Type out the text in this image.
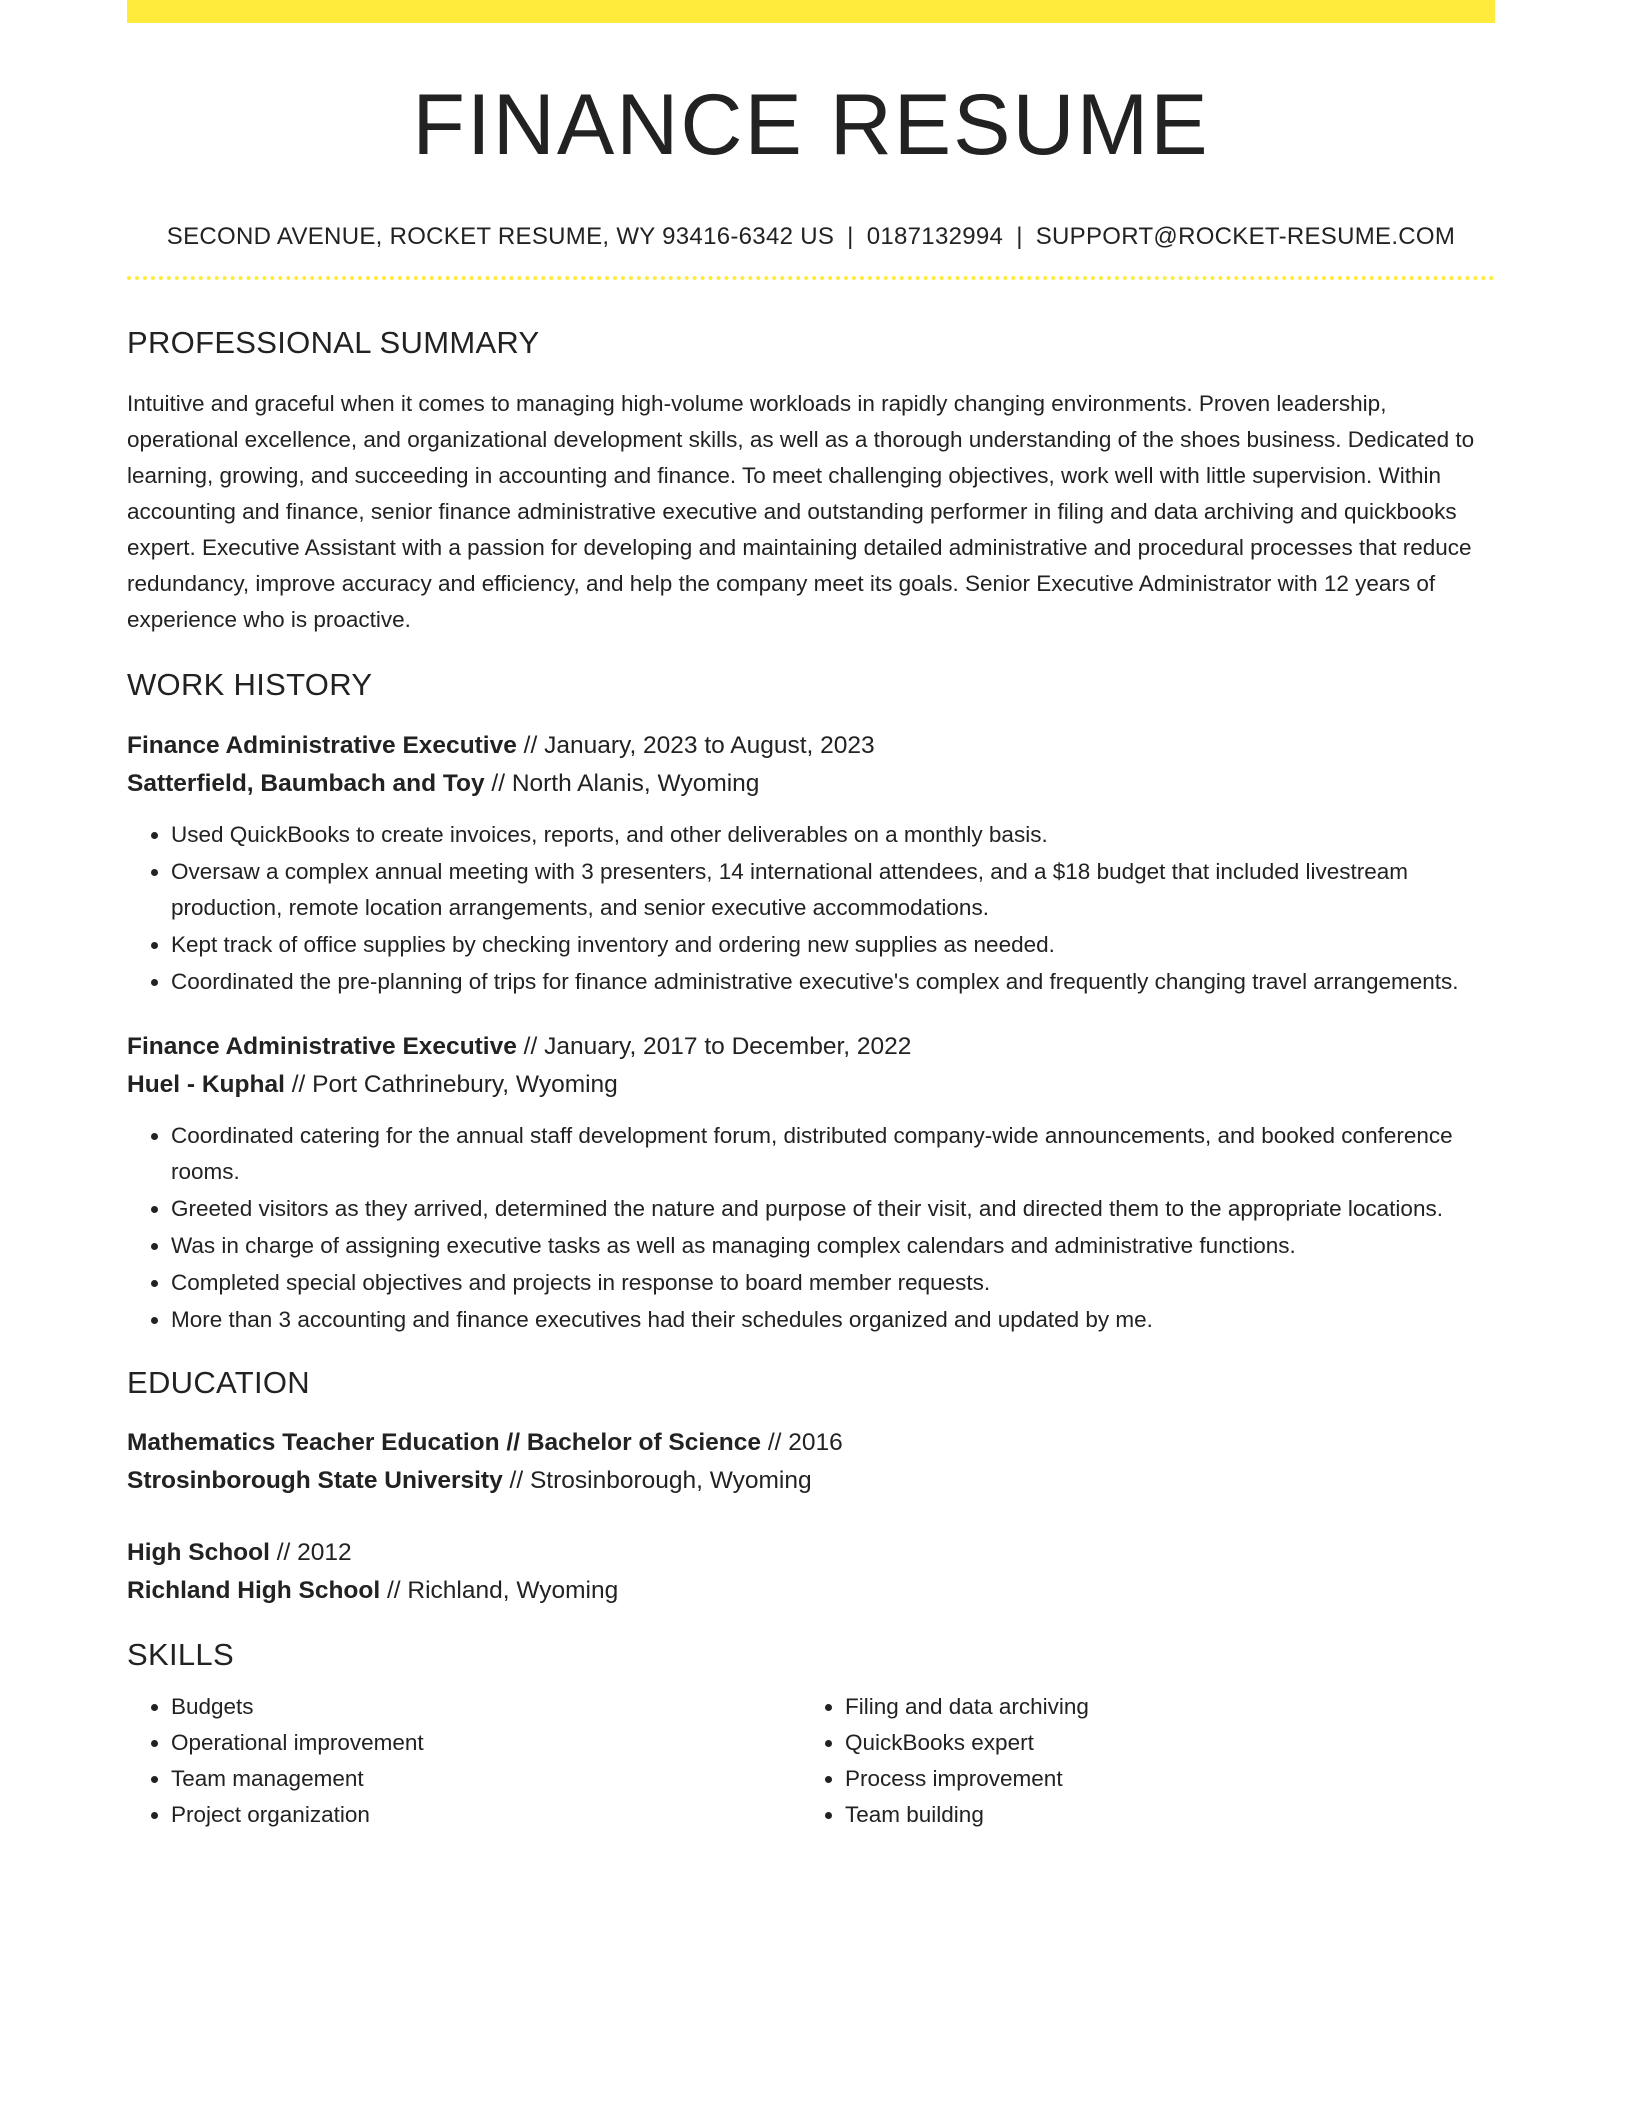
FINANCE RESUME
SECOND AVENUE, ROCKET RESUME, WY 93416-6342 US | 0187132994 | SUPPORT@ROCKET-RESUME.COM
PROFESSIONAL SUMMARY

Intuitive and graceful when it comes to managing high-volume workloads in rapidly changing environments. Proven leadership, operational excellence, and organizational development skills, as well as a thorough understanding of the shoes business. Dedicated to learning, growing, and succeeding in accounting and finance. To meet challenging objectives, work well with little supervision. Within accounting and finance, senior finance administrative executive and outstanding performer in filing and data archiving and quickbooks expert. Executive Assistant with a passion for developing and maintaining detailed administrative and procedural processes that reduce redundancy, improve accuracy and efficiency, and help the company meet its goals. Senior Executive Administrator with 12 years of experience who is proactive.

WORK HISTORY
Finance Administrative Executive // January, 2023 to August, 2023
Satterfield, Baumbach and Toy // North Alanis, Wyoming
• Used QuickBooks to create invoices, reports, and other deliverables on a monthly basis.
• Oversaw a complex annual meeting with 3 presenters, 14 international attendees, and a $18 budget that included livestream production, remote location arrangements, and senior executive accommodations.
• Kept track of office supplies by checking inventory and ordering new supplies as needed.
• Coordinated the pre-planning of trips for finance administrative executive's complex and frequently changing travel arrangements.
Finance Administrative Executive // January, 2017 to December, 2022
Huel - Kuphal // Port Cathrinebury, Wyoming
• Coordinated catering for the annual staff development forum, distributed company-wide announcements, and booked conference rooms.
• Greeted visitors as they arrived, determined the nature and purpose of their visit, and directed them to the appropriate locations.
• Was in charge of assigning executive tasks as well as managing complex calendars and administrative functions.
• Completed special objectives and projects in response to board member requests.
• More than 3 accounting and finance executives had their schedules organized and updated by me.
EDUCATION
Mathematics Teacher Education // Bachelor of Science // 2016
Strosinborough State University // Strosinborough, Wyoming
High School // 2012
Richland High School // Richland, Wyoming
SKILLS
• Budgets
• Operational improvement
• Team management
• Project organization
• Filing and data archiving
• QuickBooks expert
• Process improvement
• Team building
